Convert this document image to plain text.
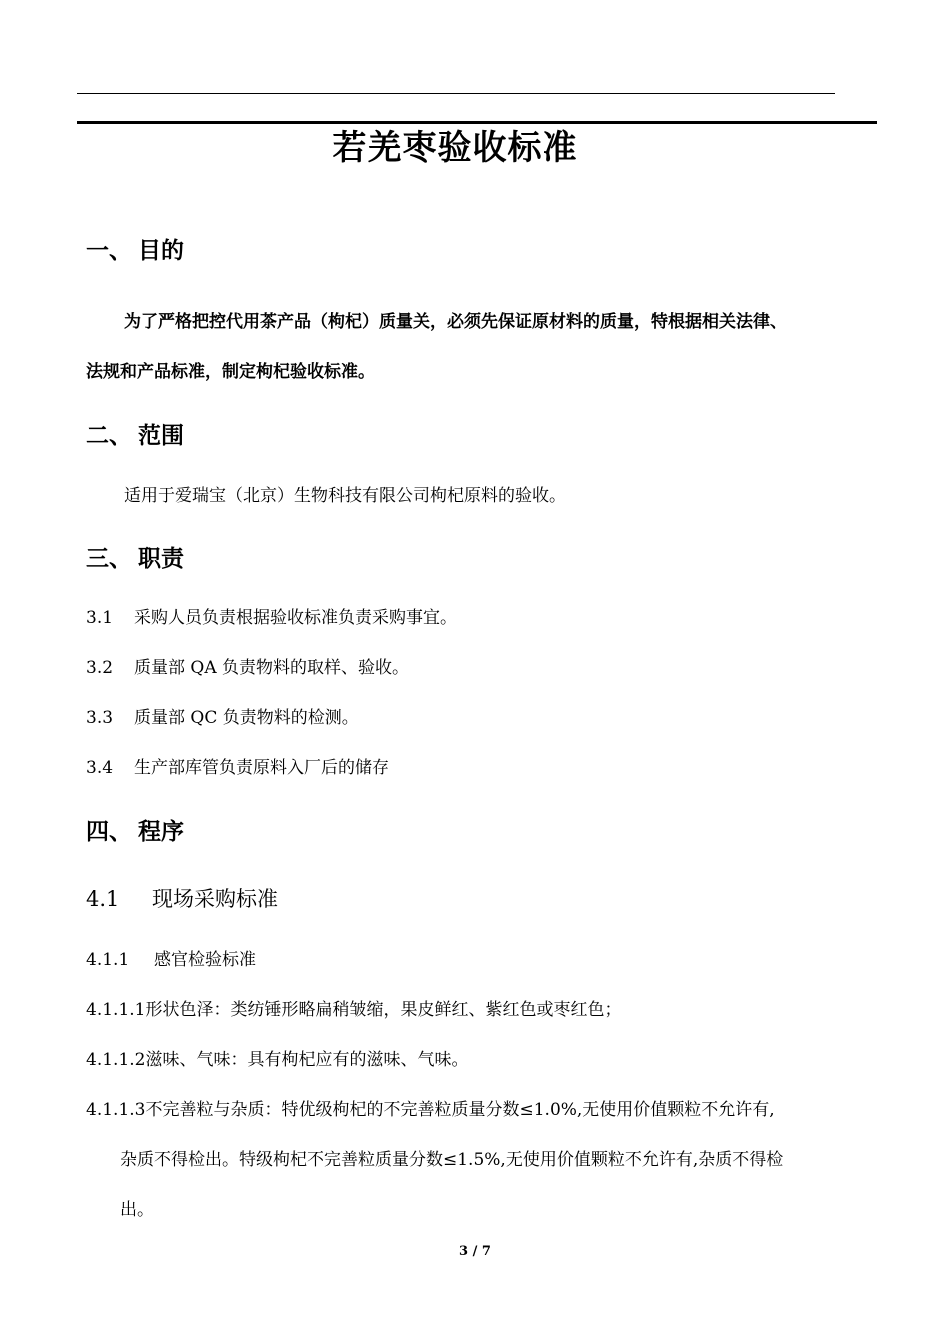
若羌枣验收标准
一、 目的
为了严格把控代用茶产品（枸杞）质量关，必须先保证原材料的质量，特根据相关法律、
法规和产品标准，制定枸杞验收标准。
二、 范围
适用于爱瑞宝（北京）生物科技有限公司枸杞原料的验收。
三、 职责
3.1 采购人员负责根据验收标准负责采购事宜。
3.2 质量部 QA 负责物料的取样、验收。
3.3 质量部 QC 负责物料的检测。
3.4 生产部库管负责原料入厂后的储存
四、 程序
4.1 现场采购标准
4.1.1 感官检验标准
4.1.1.1形状色泽：类纺锤形略扁稍皱缩，果皮鲜红、紫红色或枣红色；
4.1.1.2滋味、气味：具有枸杞应有的滋味、气味。
4.1.1.3不完善粒与杂质：特优级枸杞的不完善粒质量分数≤1.0%,无使用价值颗粒不允许有,
杂质不得检出。特级枸杞不完善粒质量分数≤1.5%,无使用价值颗粒不允许有,杂质不得检
出。
3 / 7
